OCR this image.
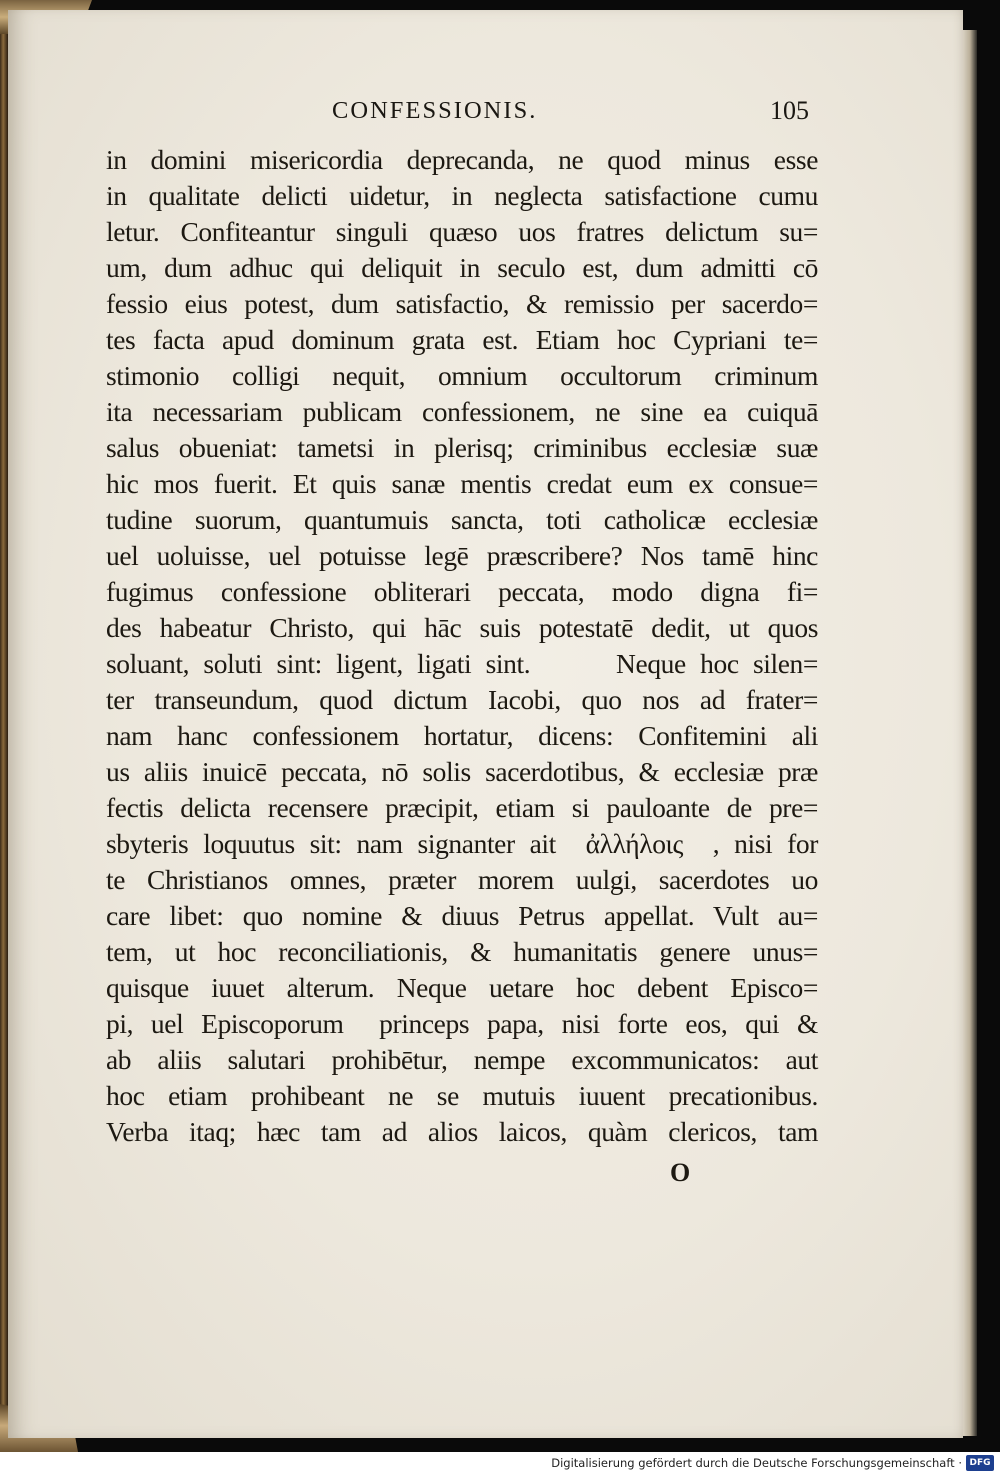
CONFESSIONIS.	105
in domini misericordia deprecanda, ne quod minus esse
in qualitate delicti uidetur, in neglecta satisfactione cumu
letur. Confiteantur singuli quæso uos fratres delictum su=
um, dum adhuc qui deliquit in seculo est, dum admitti cō
fessio eius potest, dum satisfactio, & remissio per sacerdo=
tes facta apud dominum grata est. Etiam hoc Cypriani te=
stimonio colligi nequit, omnium occultorum criminum
ita necessariam publicam confessionem, ne sine ea cuiquā
salus obueniat: tametsi in plerisq; criminibus ecclesiæ suæ
hic mos fuerit. Et quis sanæ mentis credat eum ex consue=
tudine suorum, quantumuis sancta, toti catholicæ ecclesiæ
uel uoluisse, uel potuisse legē præscribere? Nos tamē hinc
fugimus confessione obliterari peccata, modo digna fi=
des habeatur Christo, qui hāc suis potestatē dedit, ut quos
soluant, soluti sint: ligent, ligati sint.      Neque hoc silen=
ter transeundum, quod dictum Iacobi, quo nos ad frater=
nam hanc confessionem hortatur, dicens: Confitemini ali
us aliis inuicē peccata, nō solis sacerdotibus, & ecclesiæ præ
fectis delicta recensere præcipit, etiam si pauloante de pre=
sbyteris loquutus sit: nam signanter ait  ἀλλήλοις  , nisi for
te Christianos omnes, præter morem uulgi, sacerdotes uo
care libet: quo nomine & diuus Petrus appellat. Vult au=
tem, ut hoc reconciliationis, & humanitatis genere unus=
quisque iuuet alterum. Neque uetare hoc debent Episco=
pi, uel Episcoporum  princeps papa, nisi forte eos, qui &
ab aliis salutari prohibētur, nempe excommunicatos: aut
hoc etiam prohibeant ne se mutuis iuuent precationibus.
Verba itaq; hæc tam ad alios laicos, quàm clericos, tam
O
Digitalisierung gefördert durch die Deutsche Forschungsgemeinschaft · DFG
